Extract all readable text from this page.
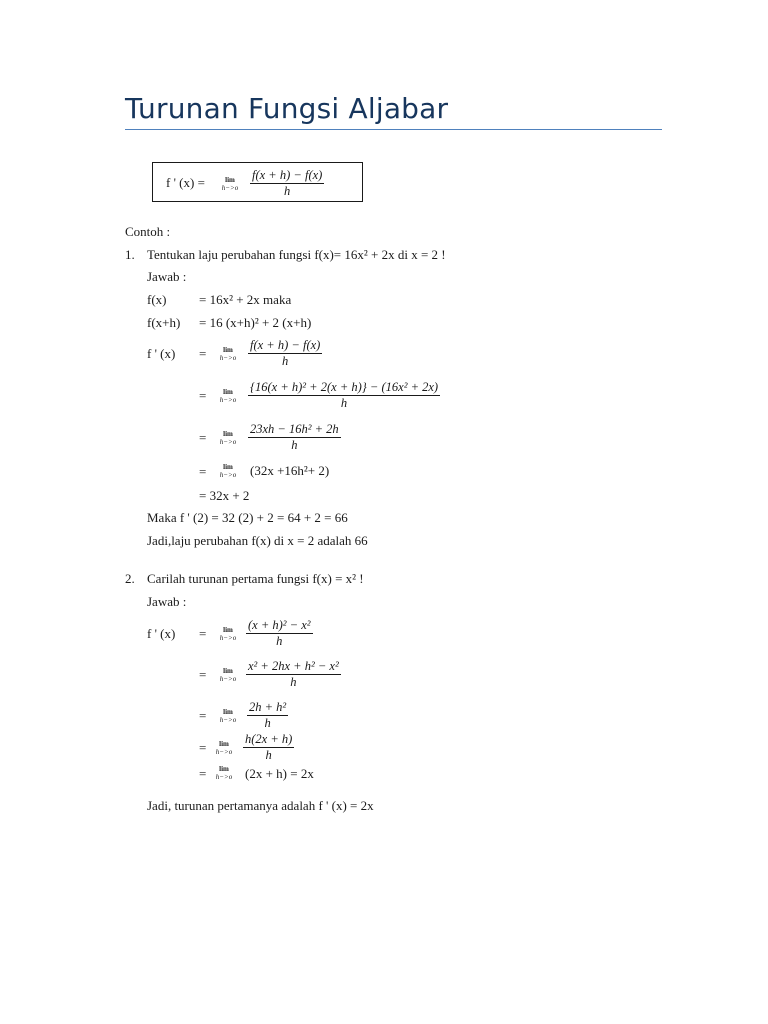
Turunan Fungsi Aljabar
f ' (x) =	lim
$h->o \frac{f(x + h) - f(x)}{h}$
Contoh :
1. Tentukan laju perubahan fungsi f(x)= 16x² + 2x di x = 2 !
Jawab :
f(x)	= 16x² + 2x maka
f(x+h) = 16 (x+h)² + 2 (x+h)
f ' (x) =	lim
$h->o \frac{f(x + h) - f(x)}{h}$
=	lim
$h->o \frac{\text{\{16(x + h)² + 2(x + h)\} − (16x² + 2x)}}{h}$
=	lim
$h->o \frac{\text{23xh − 16h² + 2h}}{h}$
=	lim
h−>o	(32x +16h²+ 2)
= 32x + 2
Maka f ' (2) = 32 (2) + 2 = 64 + 2 = 66
Jadi,laju perubahan f(x) di x = 2 adalah 66
2. Carilah turunan pertama fungsi f(x) = x² !
Jawab :
f ' (x) =	lim
$h->o \frac{\text{(x + h)² − x²}}{h}$
=	lim
$h->o \frac{\text{x² + 2hx + h² − x²}}{h}$
=	lim
$h->o \frac{\text{2h + h²}}{h}$
=	lim
$h->o \frac{h(2x + h)}{h}$
=	lim
h−>o (2x + h) = 2x
Jadi, turunan pertamanya adalah f ' (x) = 2x
